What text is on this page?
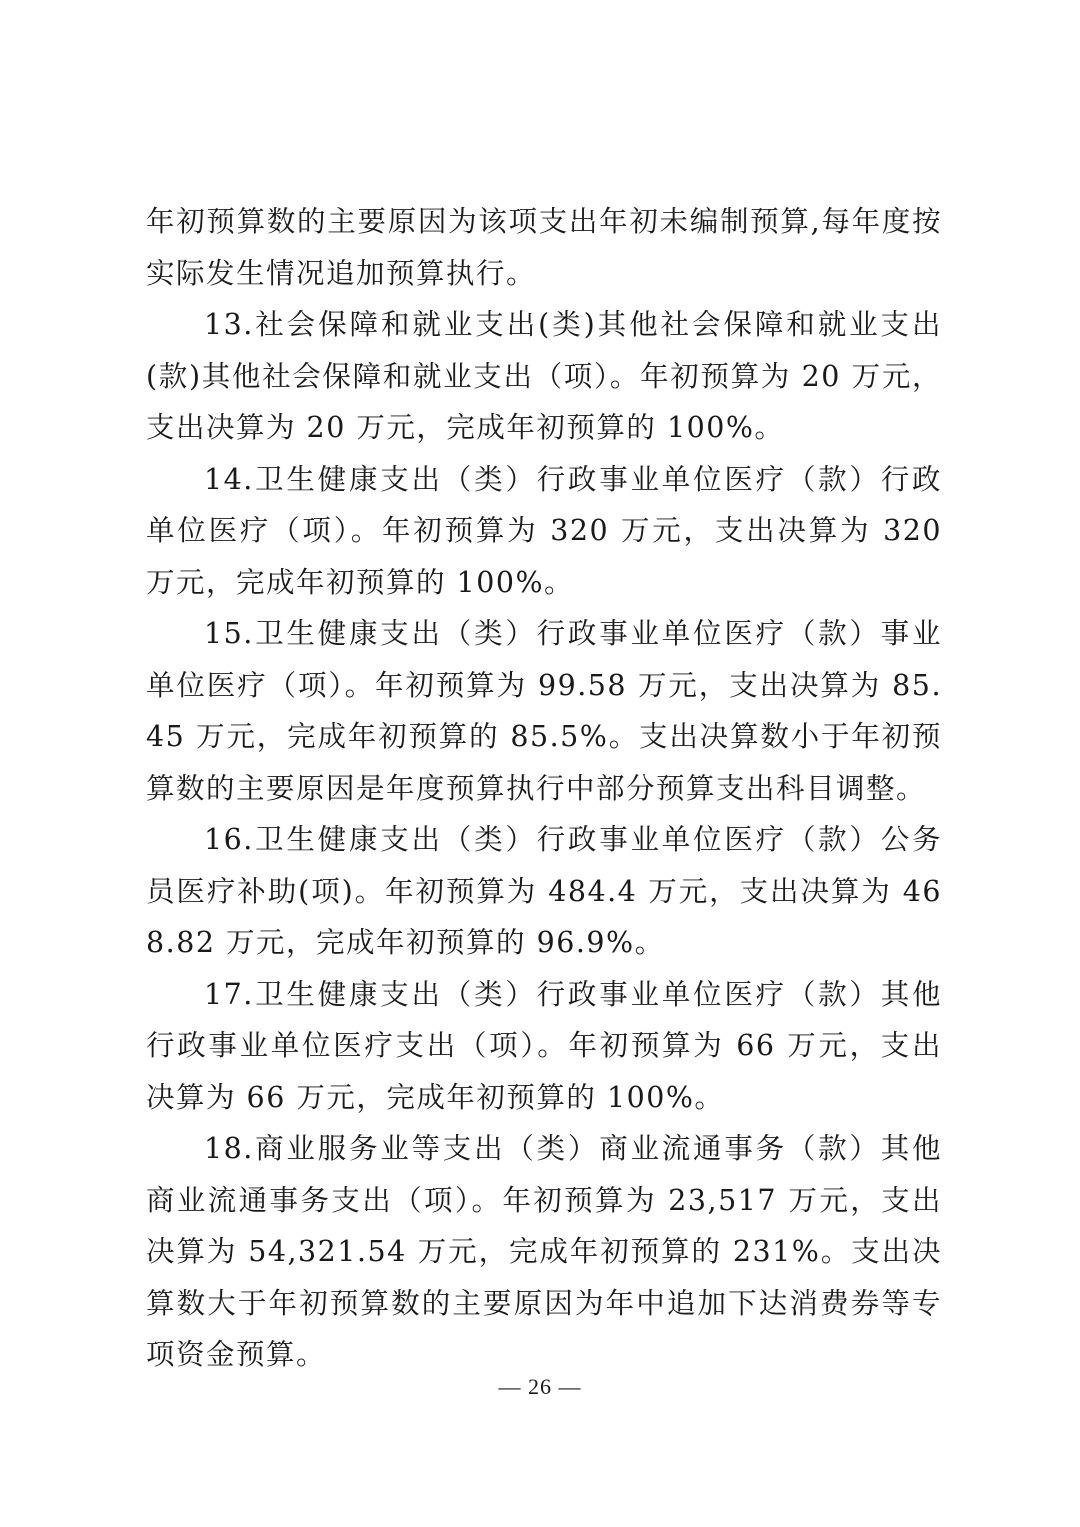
年初预算数的主要原因为该项支出年初未编制预算,每年度按实际发生情况追加预算执行。

13.社会保障和就业支出(类)其他社会保障和就业支出(款)其他社会保障和就业支出（项）。年初预算为 20 万元，支出决算为 20 万元，完成年初预算的 100%。

14.卫生健康支出（类）行政事业单位医疗（款）行政单位医疗（项）。年初预算为 320 万元，支出决算为 320 万元，完成年初预算的 100%。

15.卫生健康支出（类）行政事业单位医疗（款）事业单位医疗（项）。年初预算为 99.58 万元，支出决算为 85.45 万元，完成年初预算的 85.5%。支出决算数小于年初预算数的主要原因是年度预算执行中部分预算支出科目调整。

16.卫生健康支出（类）行政事业单位医疗（款）公务员医疗补助(项)。年初预算为 484.4 万元，支出决算为 468.82 万元，完成年初预算的 96.9%。

17.卫生健康支出（类）行政事业单位医疗（款）其他行政事业单位医疗支出（项）。年初预算为 66 万元，支出决算为 66 万元，完成年初预算的 100%。

18.商业服务业等支出（类）商业流通事务（款）其他商业流通事务支出（项）。年初预算为 23,517 万元，支出决算为 54,321.54 万元，完成年初预算的 231%。支出决算数大于年初预算数的主要原因为年中追加下达消费券等专项资金预算。

— 26 —
